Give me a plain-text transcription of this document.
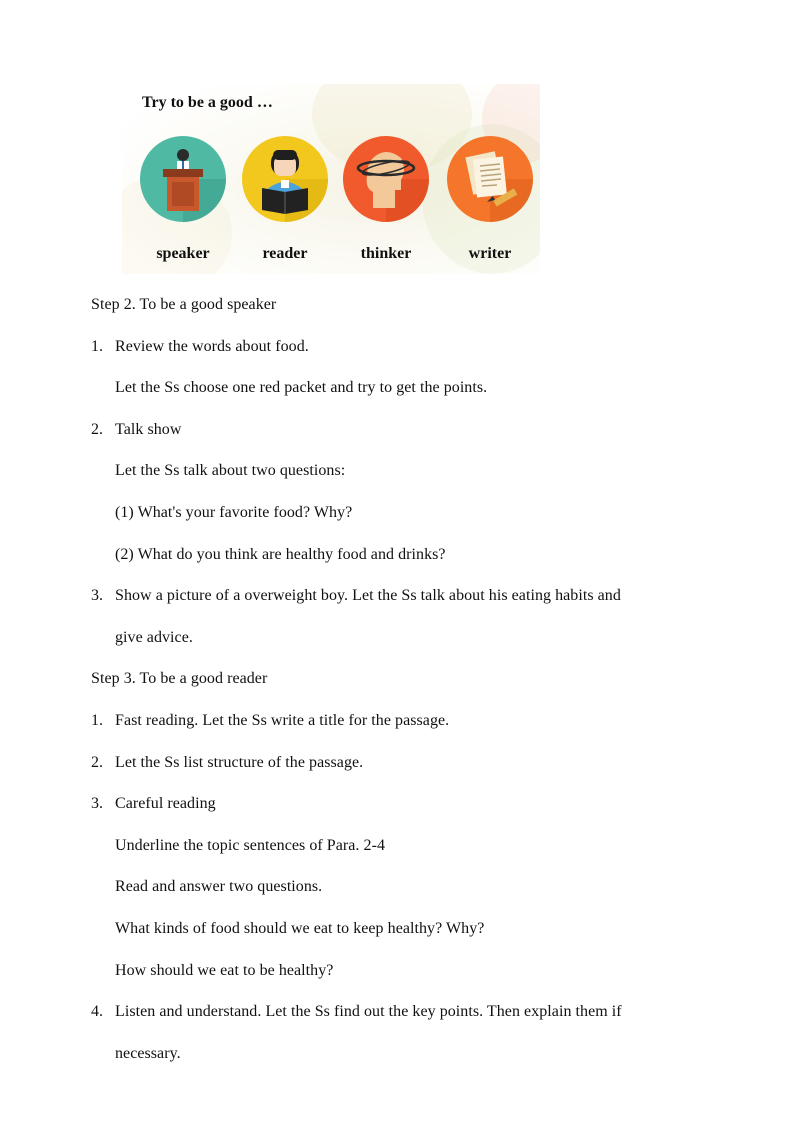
Try to be a good …
speaker	reader	thinker	writer
Step 2. To be a good speaker
1. Review the words about food.
Let the Ss choose one red packet and try to get the points.
2. Talk show
Let the Ss talk about two questions:
(1) What's your favorite food? Why?
(2) What do you think are healthy food and drinks?
3. Show a picture of a overweight boy. Let the Ss talk about his eating habits and
give advice.
Step 3. To be a good reader
1. Fast reading. Let the Ss write a title for the passage.
2. Let the Ss list structure of the passage.
3. Careful reading
Underline the topic sentences of Para. 2-4
Read and answer two questions.
What kinds of food should we eat to keep healthy? Why?
How should we eat to be healthy?
4. Listen and understand. Let the Ss find out the key points. Then explain them if
necessary.
